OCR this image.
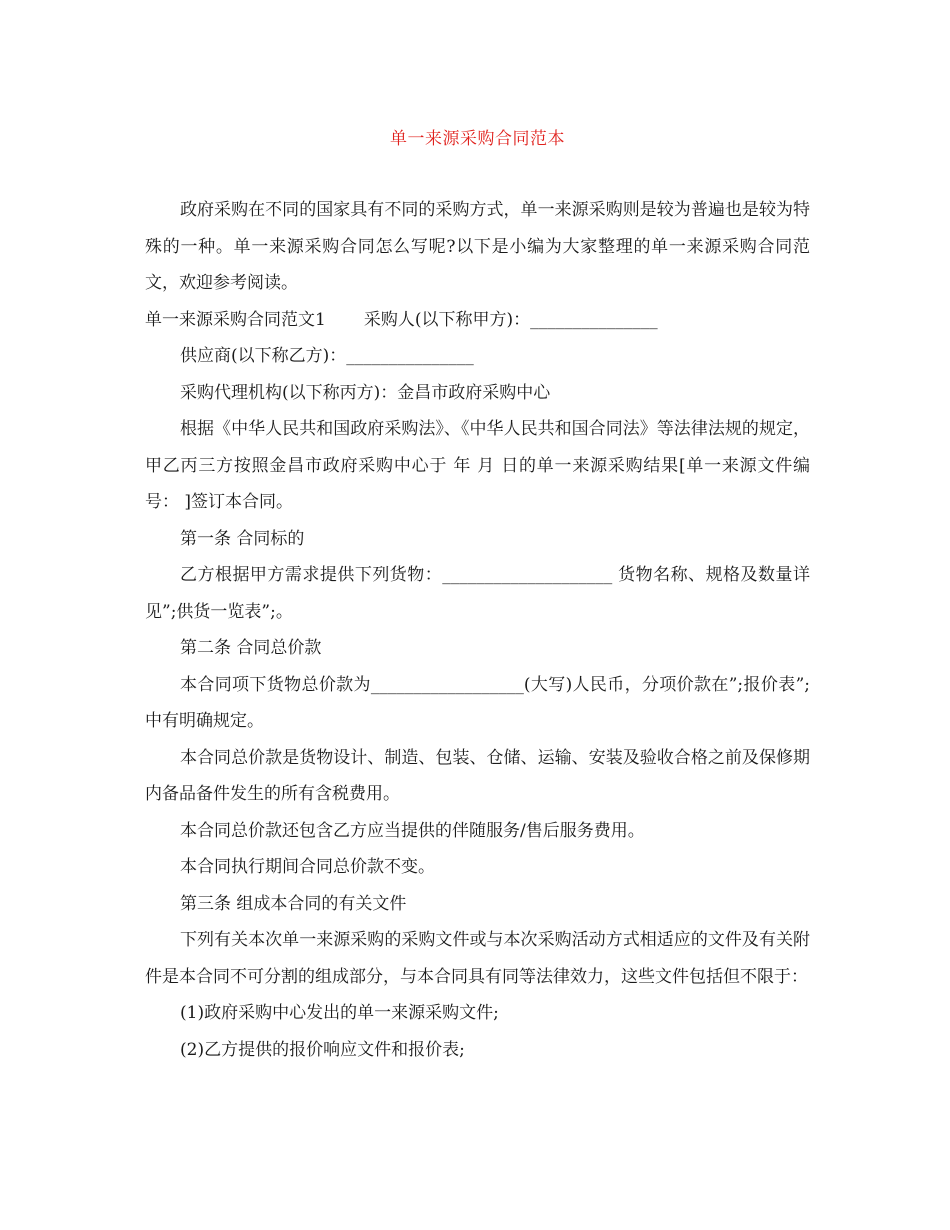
单一来源采购合同范本

政府采购在不同的国家具有不同的采购方式，单一来源采购则是较为普遍也是较为特殊的一种。单一来源采购合同怎么写呢?以下是小编为大家整理的单一来源采购合同范文，欢迎参考阅读。

单一来源采购合同范文1 采购人(以下称甲方)：_______________

供应商(以下称乙方)：_______________

采购代理机构(以下称丙方)：金昌市政府采购中心

根据《中华人民共和国政府采购法》、《中华人民共和国合同法》等法律法规的规定，甲乙丙三方按照金昌市政府采购中心于 年 月 日的单一来源采购结果[单一来源文件编号： ]签订本合同。

第一条 合同标的

乙方根据甲方需求提供下列货物：____________________ 货物名称、规格及数量详见”;供货一览表”;。

第二条 合同总价款

本合同项下货物总价款为__________________(大写)人民币，分项价款在”;报价表”;中有明确规定。

本合同总价款是货物设计、制造、包装、仓储、运输、安装及验收合格之前及保修期内备品备件发生的所有含税费用。

本合同总价款还包含乙方应当提供的伴随服务/售后服务费用。

本合同执行期间合同总价款不变。

第三条 组成本合同的有关文件

下列有关本次单一来源采购的采购文件或与本次采购活动方式相适应的文件及有关附件是本合同不可分割的组成部分，与本合同具有同等法律效力，这些文件包括但不限于：

(1)政府采购中心发出的单一来源采购文件;

(2)乙方提供的报价响应文件和报价表;
